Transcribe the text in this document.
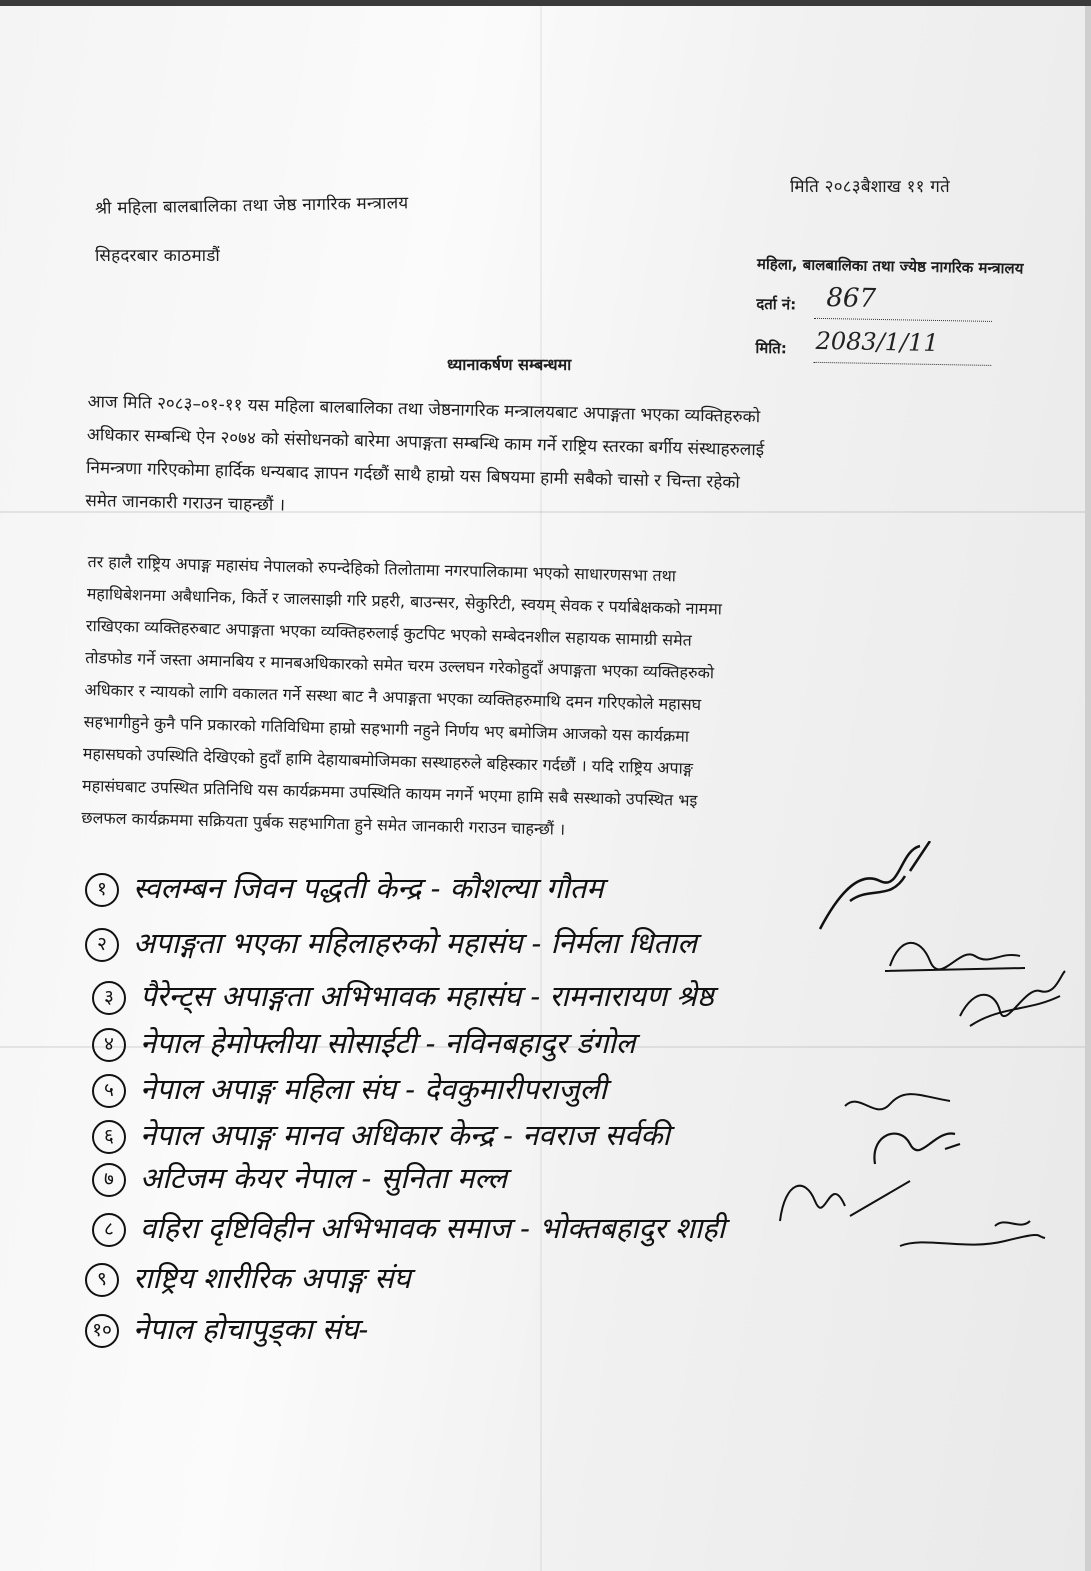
श्री महिला बालबालिका तथा जेष्ठ नागरिक मन्त्रालय
सिहदरबार काठमाडौं
मिति २०८३बैशाख ११ गते
महिला, बालबालिका तथा ज्येष्ठ नागरिक मन्त्रालय
दर्ता नं: 867
मिति: 2083/1/11
ध्यानाकर्षण सम्बन्धमा
आज मिति २०८३–०१-११ यस महिला बालबालिका तथा जेष्ठनागरिक मन्त्रालयबाट अपाङ्गता भएका व्यक्तिहरुको
अधिकार सम्बन्धि ऐन २०७४ को संसोधनको बारेमा अपाङ्गता सम्बन्धि काम गर्ने राष्ट्रिय स्तरका बर्गीय संस्थाहरुलाई
निमन्त्रणा गरिएकोमा हार्दिक धन्यबाद ज्ञापन गर्दछौं साथै हाम्रो यस बिषयमा हामी सबैको चासो र चिन्ता रहेको
समेत जानकारी गराउन चाहन्छौं ।
तर हालै राष्ट्रिय अपाङ्ग महासंघ नेपालको रुपन्देहिको तिलोतामा नगरपालिकामा भएको साधारणसभा तथा
महाधिबेशनमा अबैधानिक, किर्ते र जालसाझी गरि प्रहरी, बाउन्सर, सेकुरिटी, स्वयम् सेवक र पर्याबेक्षकको नाममा
राखिएका व्यक्तिहरुबाट अपाङ्गता भएका व्यक्तिहरुलाई कुटपिट भएको सम्बेदनशील सहायक सामाग्री समेत
तोडफोड गर्ने जस्ता अमानबिय र मानबअधिकारको समेत चरम उल्लघन गरेकोहुदाँ अपाङ्गता भएका व्यक्तिहरुको
अधिकार र न्यायको लागि वकालत गर्ने सस्था बाट नै अपाङ्गता भएका व्यक्तिहरुमाथि दमन गरिएकोले महासघ
सहभागीहुने कुनै पनि प्रकारको गतिविधिमा हाम्रो सहभागी नहुने निर्णय भए बमोजिम आजको यस कार्यक्रमा
महासघको उपस्थिति देखिएको हुदाँ हामि देहायाबमोजिमका सस्थाहरुले बहिस्कार गर्दछौं । यदि राष्ट्रिय अपाङ्ग
महासंघबाट उपस्थित प्रतिनिधि यस कार्यक्रममा उपस्थिति कायम नगर्ने भएमा हामि सबै सस्थाको उपस्थित भइ
छलफल कार्यक्रममा सक्रियता पुर्बक सहभागिता हुने समेत जानकारी गराउन चाहन्छौं ।
१ स्वलम्बन जिवन पद्धती केन्द्र - कौशल्या गौतम
२ अपाङ्गता भएका महिलाहरुको महासंघ - निर्मला धिताल
३ पैरेन्ट्स अपाङ्गता अभिभावक महासंघ - रामनारायण श्रेष्ठ
४ नेपाल हेमोफ्लीया सोसाईटी - नविनबहादुर डंगोल
५ नेपाल अपाङ्ग महिला संघ - देवकुमारीपराजुली
६ नेपाल अपाङ्ग मानव अधिकार केन्द्र - नवराज सर्वकी
७ अटिजम केयर नेपाल - सुनिता मल्ल
८ वहिरा दृष्टिविहीन अभिभावक समाज - भोक्तबहादुर शाही
९ राष्ट्रिय शारीरिक अपाङ्ग संघ
१० नेपाल होचापुड्का संघ-
